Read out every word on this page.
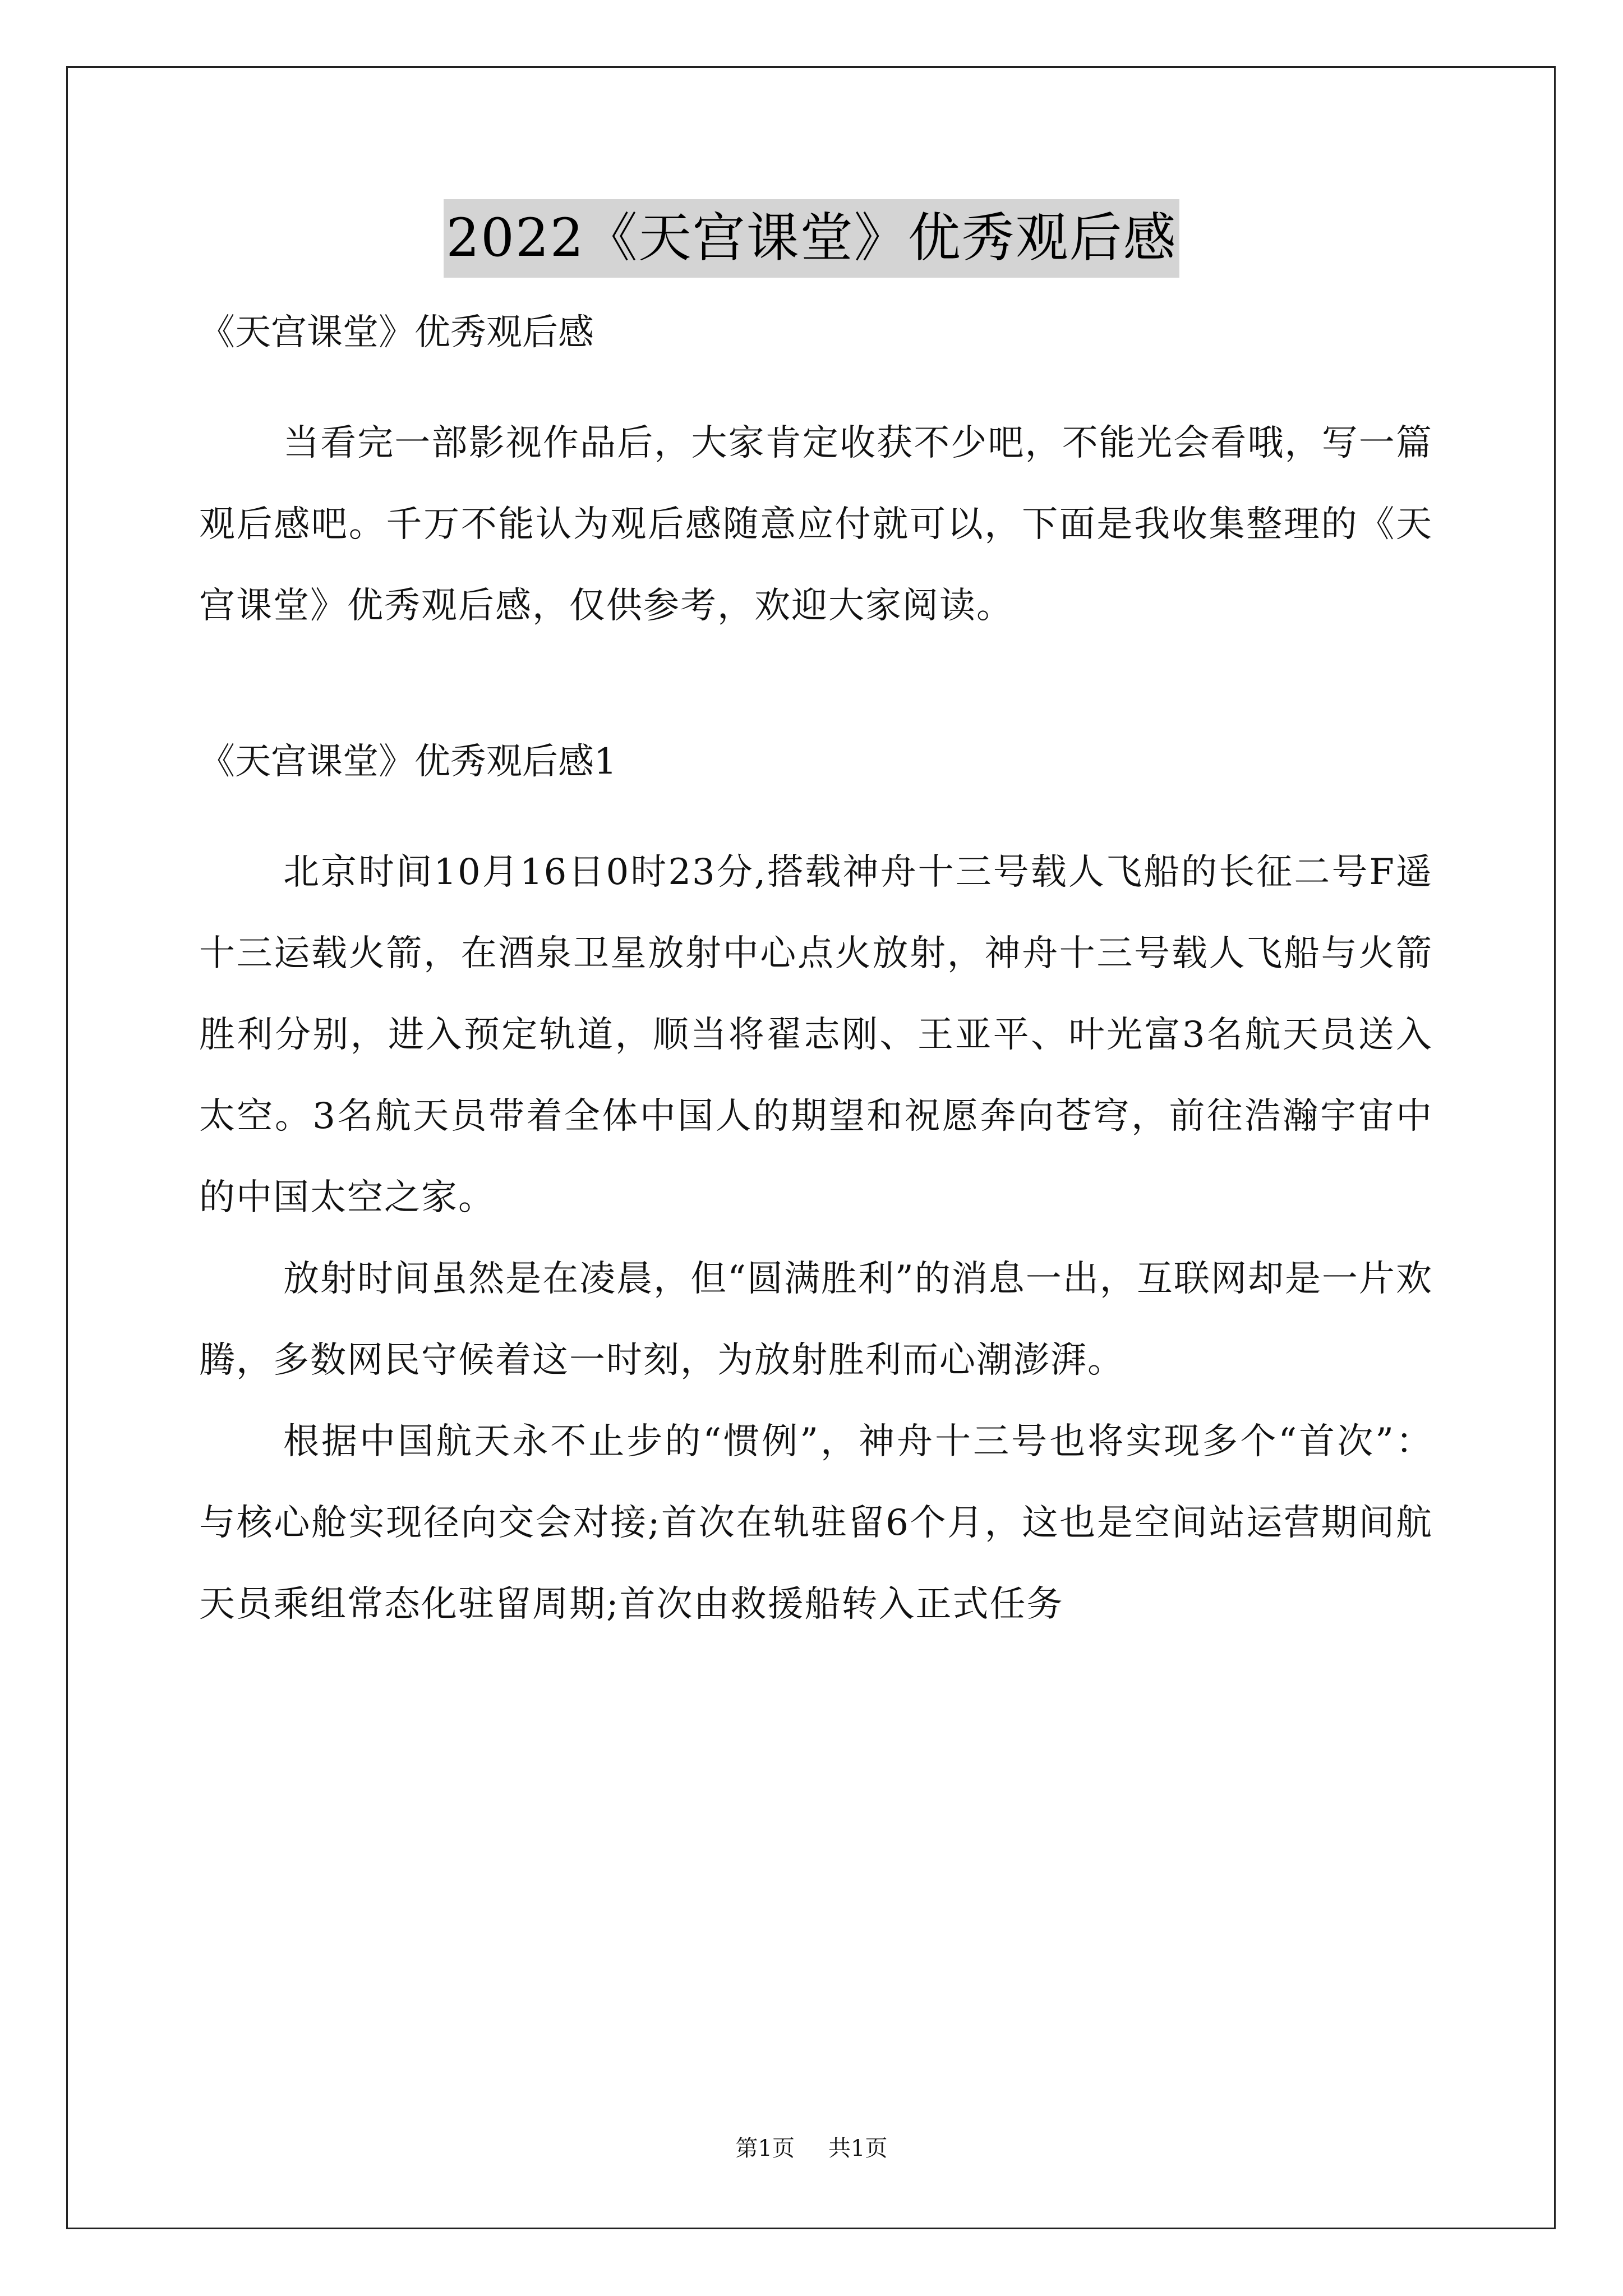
2022《天宫课堂》优秀观后感

《天宫课堂》优秀观后感

当看完一部影视作品后，大家肯定收获不少吧，不能光会看哦，写一篇观后感吧。千万不能认为观后感随意应付就可以，下面是我收集整理的《天宫课堂》优秀观后感，仅供参考，欢迎大家阅读。

《天宫课堂》优秀观后感1

北京时间10月16日0时23分,搭载神舟十三号载人飞船的长征二号F遥十三运载火箭，在酒泉卫星放射中心点火放射，神舟十三号载人飞船与火箭胜利分别，进入预定轨道，顺当将翟志刚、王亚平、叶光富3名航天员送入太空。3名航天员带着全体中国人的期望和祝愿奔向苍穹，前往浩瀚宇宙中的中国太空之家。

放射时间虽然是在凌晨，但“圆满胜利”的消息一出，互联网却是一片欢腾，多数网民守候着这一时刻，为放射胜利而心潮澎湃。

根据中国航天永不止步的“惯例”，神舟十三号也将实现多个“首次”：与核心舱实现径向交会对接;首次在轨驻留6个月，这也是空间站运营期间航天员乘组常态化驻留周期;首次由救援船转入正式任务

第1页 共1页
